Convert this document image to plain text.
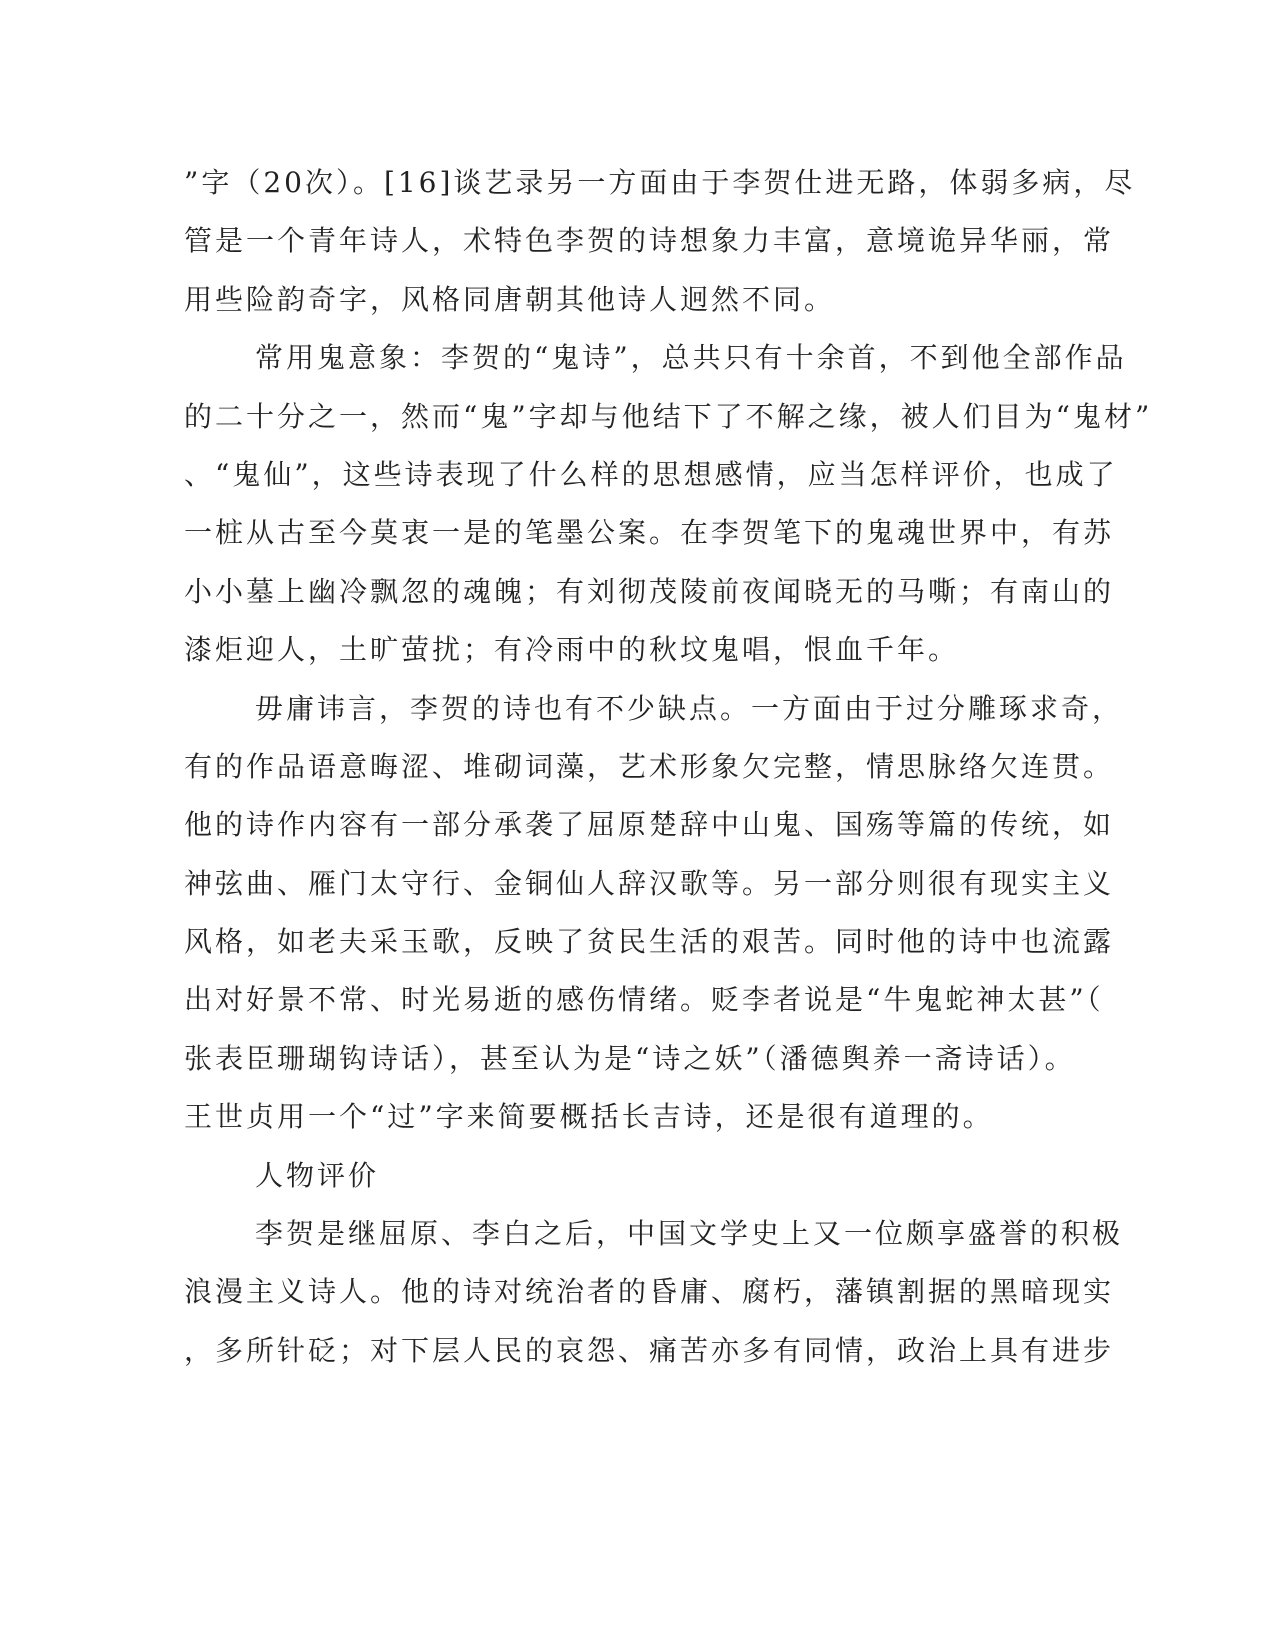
”字（20次）。[16]谈艺录另一方面由于李贺仕进无路，体弱多病，尽
管是一个青年诗人，术特色李贺的诗想象力丰富，意境诡异华丽，常
用些险韵奇字，风格同唐朝其他诗人迥然不同。
常用鬼意象：李贺的“鬼诗”，总共只有十余首，不到他全部作品
的二十分之一，然而“鬼”字却与他结下了不解之缘，被人们目为“鬼材”
、“鬼仙”，这些诗表现了什么样的思想感情，应当怎样评价，也成了
一桩从古至今莫衷一是的笔墨公案。在李贺笔下的鬼魂世界中，有苏
小小墓上幽冷飘忽的魂魄；有刘彻茂陵前夜闻晓无的马嘶；有南山的
漆炬迎人，土旷萤扰；有冷雨中的秋坟鬼唱，恨血千年。
毋庸讳言，李贺的诗也有不少缺点。一方面由于过分雕琢求奇，
有的作品语意晦涩、堆砌词藻，艺术形象欠完整，情思脉络欠连贯。
他的诗作内容有一部分承袭了屈原楚辞中山鬼、国殇等篇的传统，如
神弦曲、雁门太守行、金铜仙人辞汉歌等。另一部分则很有现实主义
风格，如老夫采玉歌，反映了贫民生活的艰苦。同时他的诗中也流露
出对好景不常、时光易逝的感伤情绪。贬李者说是“牛鬼蛇神太甚”（
张表臣珊瑚钩诗话），甚至认为是“诗之妖”（潘德舆养一斋诗话）。
王世贞用一个“过”字来简要概括长吉诗，还是很有道理的。
人物评价
李贺是继屈原、李白之后，中国文学史上又一位颇享盛誉的积极
浪漫主义诗人。他的诗对统治者的昏庸、腐朽，藩镇割据的黑暗现实
，多所针砭；对下层人民的哀怨、痛苦亦多有同情，政治上具有进步
